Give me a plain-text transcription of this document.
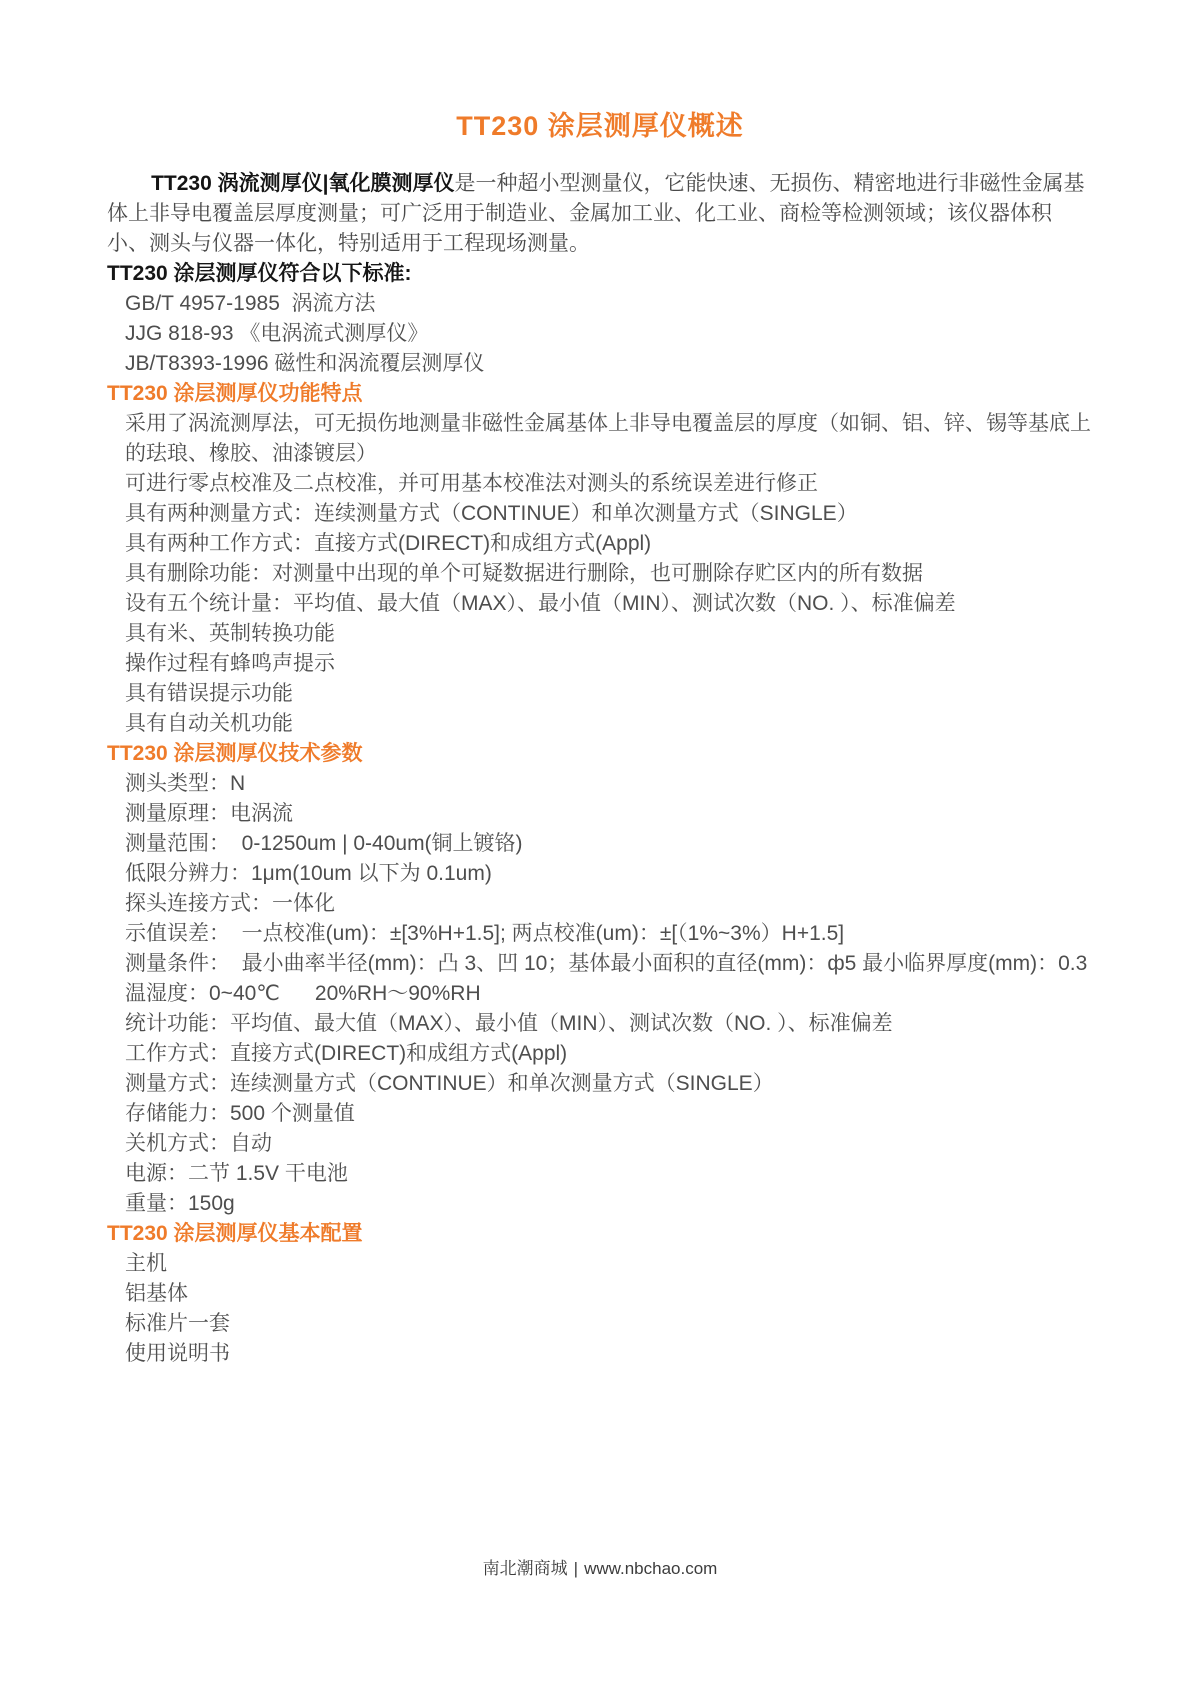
TT230 涂层测厚仪概述

TT230 涡流测厚仪|氧化膜测厚仪是一种超小型测量仪，它能快速、无损伤、精密地进行非磁性金属基体上非导电覆盖层厚度测量；可广泛用于制造业、金属加工业、化工业、商检等检测领域；该仪器体积小、测头与仪器一体化，特别适用于工程现场测量。

TT230 涂层测厚仪符合以下标准:
GB/T 4957-1985  涡流方法
JJG 818-93 《电涡流式测厚仪》
JB/T8393-1996 磁性和涡流覆层测厚仪
TT230 涂层测厚仪功能特点
采用了涡流测厚法，可无损伤地测量非磁性金属基体上非导电覆盖层的厚度（如铜、铝、锌、锡等基底上的珐琅、橡胶、油漆镀层）
可进行零点校准及二点校准，并可用基本校准法对测头的系统误差进行修正
具有两种测量方式：连续测量方式（CONTINUE）和单次测量方式（SINGLE）
具有两种工作方式：直接方式(DIRECT)和成组方式(Appl)
具有删除功能：对测量中出现的单个可疑数据进行删除，也可删除存贮区内的所有数据
设有五个统计量：平均值、最大值（MAX）、最小值（MIN）、测试次数（NO. ）、标准偏差
具有米、英制转换功能
操作过程有蜂鸣声提示
具有错误提示功能
具有自动关机功能
TT230 涂层测厚仪技术参数
测头类型：N
测量原理：电涡流
测量范围：  0-1250um | 0-40um(铜上镀铬)
低限分辨力：1μm(10um 以下为 0.1um)
探头连接方式：一体化
示值误差：  一点校准(um)：±[3%H+1.5]; 两点校准(um)：±[（1%~3%）H+1.5]
测量条件：  最小曲率半径(mm)：凸 3、凹 10；基体最小面积的直径(mm)：ф5 最小临界厚度(mm)：0.3
温湿度：0~40℃      20%RH～90%RH
统计功能：平均值、最大值（MAX）、最小值（MIN）、测试次数（NO. ）、标准偏差
工作方式：直接方式(DIRECT)和成组方式(Appl)
测量方式：连续测量方式（CONTINUE）和单次测量方式（SINGLE）
存储能力：500 个测量值
关机方式：自动
电源：二节 1.5V 干电池
重量：150g
TT230 涂层测厚仪基本配置
主机
铝基体
标准片一套
使用说明书
南北潮商城 | www.nbchao.com
